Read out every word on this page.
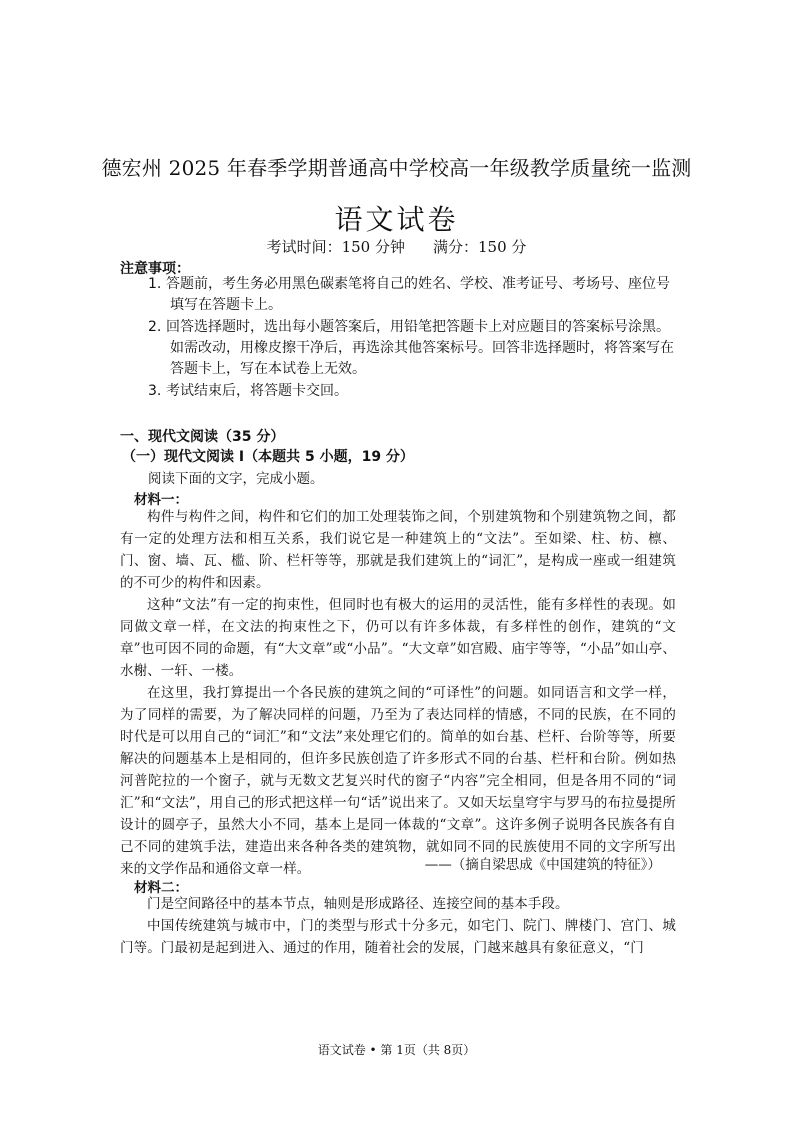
德宏州 2025 年春季学期普通高中学校高一年级教学质量统一监测
语文试卷
考试时间：150 分钟 满分：150 分
注意事项：
1. 答题前，考生务必用黑色碳素笔将自己的姓名、学校、准考证号、考场号、座位号
填写在答题卡上。
2. 回答选择题时，选出每小题答案后，用铅笔把答题卡上对应题目的答案标号涂黑。
如需改动，用橡皮擦干净后，再选涂其他答案标号。回答非选择题时，将答案写在
答题卡上，写在本试卷上无效。
3. 考试结束后，将答题卡交回。
一、现代文阅读（35 分）
（一）现代文阅读 I（本题共 5 小题，19 分）
阅读下面的文字，完成小题。
材料一：
构件与构件之间，构件和它们的加工处理装饰之间，个别建筑物和个别建筑物之间，都有一定的处理方法和相互关系，我们说它是一种建筑上的“文法”。至如梁、柱、枋、檩、门、窗、墙、瓦、槛、阶、栏杆等等，那就是我们建筑上的“词汇”，是构成一座或一组建筑的不可少的构件和因素。
这种“文法”有一定的拘束性，但同时也有极大的运用的灵活性，能有多样性的表现。如同做文章一样，在文法的拘束性之下，仍可以有许多体裁，有多样性的创作，建筑的“文章”也可因不同的命题，有“大文章”或“小品”。“大文章”如宫殿、庙宇等等，“小品”如山亭、水榭、一轩、一楼。
在这里，我打算提出一个各民族的建筑之间的“可译性”的问题。如同语言和文学一样，为了同样的需要，为了解决同样的问题，乃至为了表达同样的情感，不同的民族，在不同的时代是可以用自己的“词汇”和“文法”来处理它们的。简单的如台基、栏杆、台阶等等，所要解决的问题基本上是相同的，但许多民族创造了许多形式不同的台基、栏杆和台阶。例如热河普陀拉的一个窗子，就与无数文艺复兴时代的窗子“内容”完全相同，但是各用不同的“词汇”和“文法”，用自己的形式把这样一句“话”说出来了。又如天坛皇穹宇与罗马的布拉曼提所设计的圆亭子，虽然大小不同，基本上是同一体裁的“文章”。这许多例子说明各民族各有自己不同的建筑手法，建造出来各种各类的建筑物，就如同不同的民族使用不同的文字所写出来的文学作品和通俗文章一样。	——（摘自梁思成《中国建筑的特征》）
材料二：
门是空间路径中的基本节点，轴则是形成路径、连接空间的基本手段。
中国传统建筑与城市中，门的类型与形式十分多元，如宅门、院门、牌楼门、宫门、城门等。门最初是起到进入、通过的作用，随着社会的发展，门越来越具有象征意义，“门
语文试卷 • 第 1页（共 8页）
